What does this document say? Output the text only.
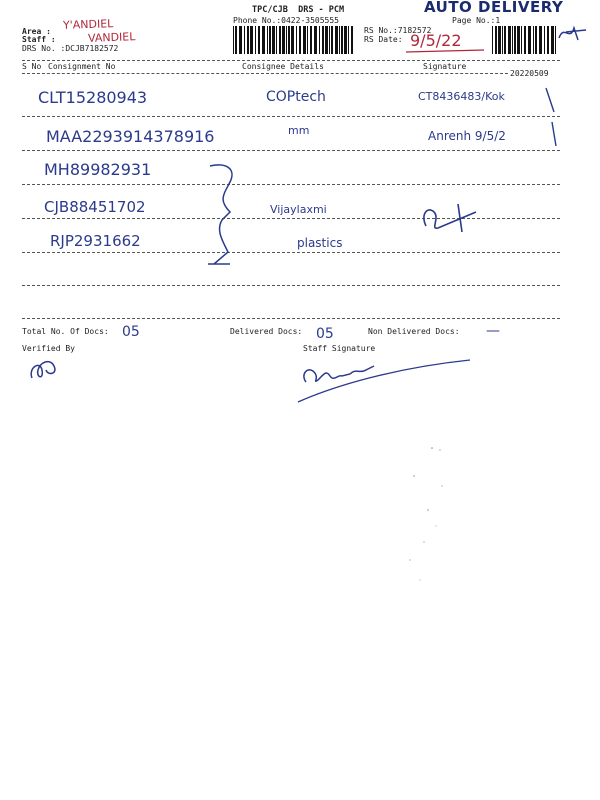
TPC/CJB DRS - PCM
Phone No.:0422-3505555
AUTO DELIVERY
Area : Y'ANDIEL
Staff :	VANDIEL
DRS No. :DCJB7182572
RS No.:7182572
RS Date: 9/5/22
Page No.:1
S No Consignment No	Consignee Details	Signature
20220509
CLT15280943	COPtech	CT8436483/Kok
MAA2293914378916	mm	Anrenh 9/5/2
MH89982931
CJB88451702	Vijaylaxmi
RJP2931662	plastics
Total No. Of Docs: 05	Delivered Docs: 05	Non Delivered Docs: —
Verified By	Staff Signature
